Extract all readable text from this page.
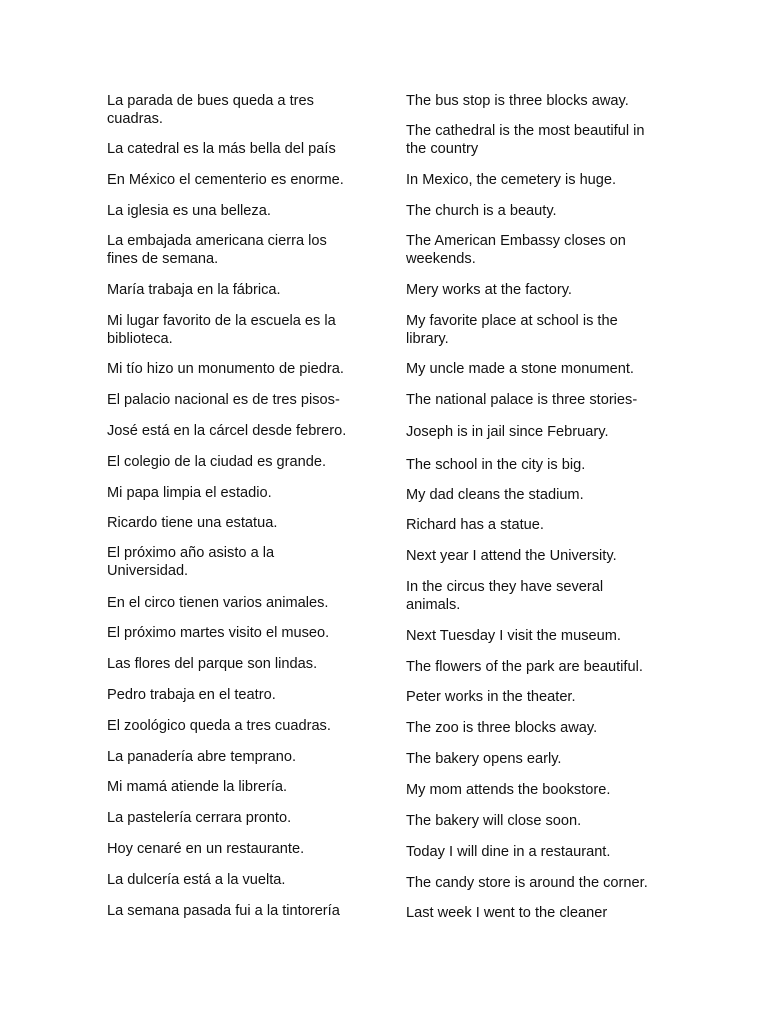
La parada de bues queda a tres
cuadras.

La catedral es la más bella del país

En México el cementerio es enorme.

La iglesia es una belleza.

La embajada americana cierra los
fines de semana.

María trabaja en la fábrica.

Mi lugar favorito de la escuela es la
biblioteca.

Mi tío hizo un monumento de piedra.

El palacio nacional es de tres pisos-

José está en la cárcel desde febrero.

El colegio de la ciudad es grande.

Mi papa limpia el estadio.

Ricardo tiene una estatua.

El próximo año asisto a la
Universidad.

En el circo tienen varios animales.

El próximo martes visito el museo.

Las flores del parque son lindas.

Pedro trabaja en el teatro.

El zoológico queda a tres cuadras.

La panadería abre temprano.

Mi mamá atiende la librería.

La pastelería cerrara pronto.

Hoy cenaré en un restaurante.

La dulcería está a la vuelta.

La semana pasada fui a la tintorería

The bus stop is three blocks away.

The cathedral is the most beautiful in
the country

In Mexico, the cemetery is huge.

The church is a beauty.

The American Embassy closes on
weekends.

Mery works at the factory.

My favorite place at school is the
library.

My uncle made a stone monument.

The national palace is three stories-

Joseph is in jail since February.

The school in the city is big.

My dad cleans the stadium.

Richard has a statue.

Next year I attend the University.

In the circus they have several
animals.

Next Tuesday I visit the museum.

The flowers of the park are beautiful.

Peter works in the theater.

The zoo is three blocks away.

The bakery opens early.

My mom attends the bookstore.

The bakery will close soon.

Today I will dine in a restaurant.

The candy store is around the corner.

Last week I went to the cleaner
